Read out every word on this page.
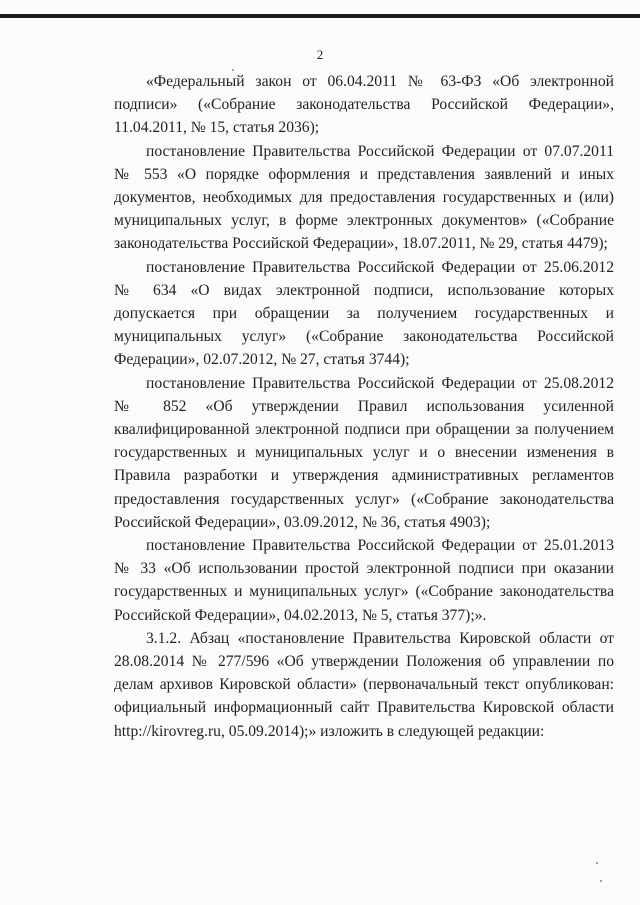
2

«Федеральный закон от 06.04.2011 № 63-ФЗ «Об электронной подписи» («Собрание законодательства Российской Федерации», 11.04.2011, № 15, статья 2036);

постановление Правительства Российской Федерации от 07.07.2011 № 553 «О порядке оформления и представления заявлений и иных документов, необходимых для предоставления государственных и (или) муниципальных услуг, в форме электронных документов» («Собрание законодательства Российской Федерации», 18.07.2011, № 29, статья 4479);

постановление Правительства Российской Федерации от 25.06.2012 № 634 «О видах электронной подписи, использование которых допускается при обращении за получением государственных и муниципальных услуг» («Собрание законодательства Российской Федерации», 02.07.2012, № 27, статья 3744);

постановление Правительства Российской Федерации от 25.08.2012 № 852 «Об утверждении Правил использования усиленной квалифицированной электронной подписи при обращении за получением государственных и муниципальных услуг и о внесении изменения в Правила разработки и утверждения административных регламентов предоставления государственных услуг» («Собрание законодательства Российской Федерации», 03.09.2012, № 36, статья 4903);

постановление Правительства Российской Федерации от 25.01.2013 № 33 «Об использовании простой электронной подписи при оказании государственных и муниципальных услуг» («Собрание законодательства Российской Федерации», 04.02.2013, № 5, статья 377);».

3.1.2. Абзац «постановление Правительства Кировской области от 28.08.2014 № 277/596 «Об утверждении Положения об управлении по делам архивов Кировской области» (первоначальный текст опубликован: официальный информационный сайт Правительства Кировской области http://kirovreg.ru, 05.09.2014);» изложить в следующей редакции:
